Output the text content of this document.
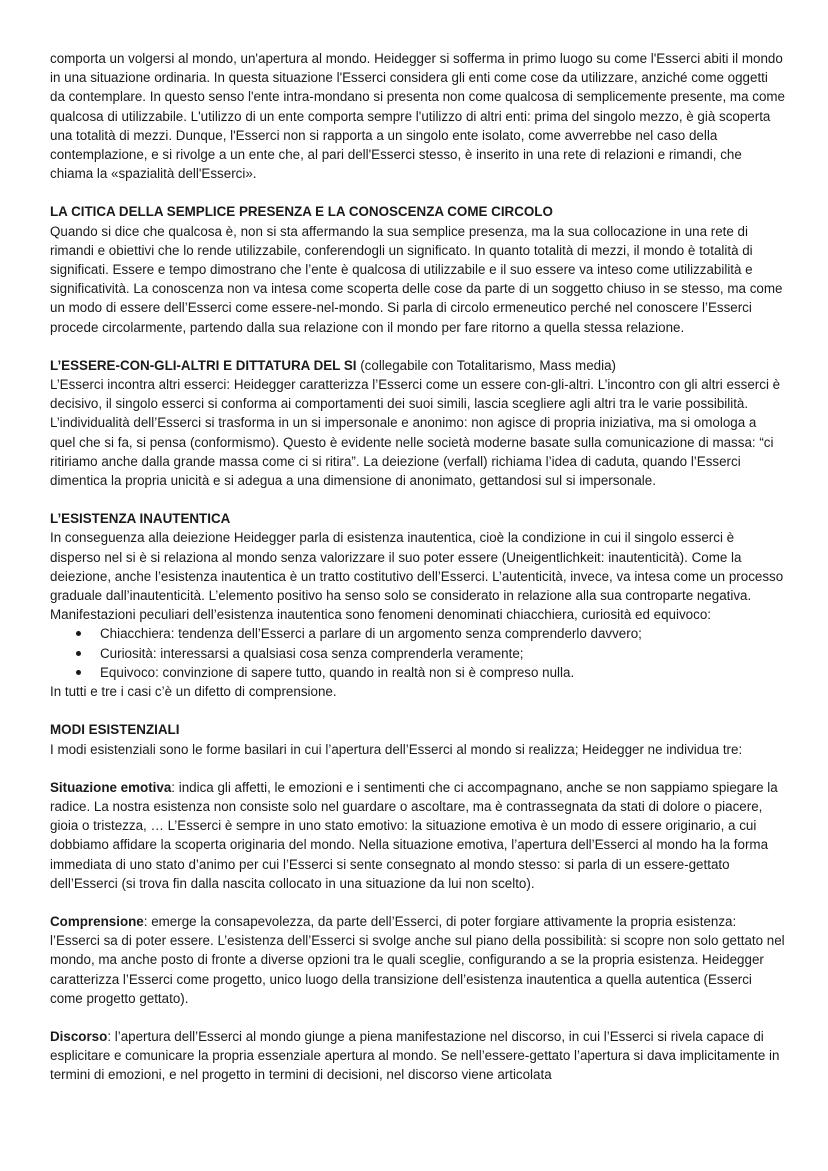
comporta un volgersi al mondo, un'apertura al mondo. Heidegger si sofferma in primo luogo su come l'Esserci abiti il mondo in una situazione ordinaria. In questa situazione l'Esserci considera gli enti come cose da utilizzare, anziché come oggetti da contemplare. In questo senso l'ente intra-mondano si presenta non come qualcosa di semplicemente presente, ma come qualcosa di utilizzabile. L'utilizzo di un ente comporta sempre l'utilizzo di altri enti: prima del singolo mezzo, è già scoperta una totalità di mezzi. Dunque, l'Esserci non si rapporta a un singolo ente isolato, come avverrebbe nel caso della contemplazione, e si rivolge a un ente che, al pari dell'Esserci stesso, è inserito in una rete di relazioni e rimandi, che chiama la «spazialità dell'Esserci».

LA CITICA DELLA SEMPLICE PRESENZA E LA CONOSCENZA COME CIRCOLO

Quando si dice che qualcosa è, non si sta affermando la sua semplice presenza, ma la sua collocazione in una rete di rimandi e obiettivi che lo rende utilizzabile, conferendogli un significato. In quanto totalità di mezzi, il mondo è totalità di significati. Essere e tempo dimostrano che l’ente è qualcosa di utilizzabile e il suo essere va inteso come utilizzabilità e significatività. La conoscenza non va intesa come scoperta delle cose da parte di un soggetto chiuso in se stesso, ma come un modo di essere dell’Esserci come essere-nel-mondo. Si parla di circolo ermeneutico perché nel conoscere l’Esserci procede circolarmente, partendo dalla sua relazione con il mondo per fare ritorno a quella stessa relazione.

L’ESSERE-CON-GLI-ALTRI E DITTATURA DEL SI (collegabile con Totalitarismo, Mass media)

L’Esserci incontra altri esserci: Heidegger caratterizza l’Esserci come un essere con-gli-altri. L’incontro con gli altri esserci è decisivo, il singolo esserci si conforma ai comportamenti dei suoi simili, lascia scegliere agli altri tra le varie possibilità. L’individualità dell’Esserci si trasforma in un si impersonale e anonimo: non agisce di propria iniziativa, ma si omologa a quel che si fa, si pensa (conformismo). Questo è evidente nelle società moderne basate sulla comunicazione di massa: “ci ritiriamo anche dalla grande massa come ci si ritira”. La deiezione (verfall) richiama l’idea di caduta, quando l’Esserci dimentica la propria unicità e si adegua a una dimensione di anonimato, gettandosi sul si impersonale.

L’ESISTENZA INAUTENTICA

In conseguenza alla deiezione Heidegger parla di esistenza inautentica, cioè la condizione in cui il singolo esserci è disperso nel si è si relaziona al mondo senza valorizzare il suo poter essere (Uneigentlichkeit: inautenticità). Come la deiezione, anche l’esistenza inautentica è un tratto costitutivo dell’Esserci. L’autenticità, invece, va intesa come un processo graduale dall’inautenticità. L’elemento positivo ha senso solo se considerato in relazione alla sua controparte negativa. Manifestazioni peculiari dell’esistenza inautentica sono fenomeni denominati chiacchiera, curiosità ed equivoco:

Chiacchiera: tendenza dell’Esserci a parlare di un argomento senza comprenderlo davvero;
Curiosità: interessarsi a qualsiasi cosa senza comprenderla veramente;
Equivoco: convinzione di sapere tutto, quando in realtà non si è compreso nulla.

In tutti e tre i casi c’è un difetto di comprensione.

MODI ESISTENZIALI

I modi esistenziali sono le forme basilari in cui l’apertura dell’Esserci al mondo si realizza; Heidegger ne individua tre:

Situazione emotiva: indica gli affetti, le emozioni e i sentimenti che ci accompagnano, anche se non sappiamo spiegare la radice. La nostra esistenza non consiste solo nel guardare o ascoltare, ma è contrassegnata da stati di dolore o piacere, gioia o tristezza, … L’Esserci è sempre in uno stato emotivo: la situazione emotiva è un modo di essere originario, a cui dobbiamo affidare la scoperta originaria del mondo. Nella situazione emotiva, l’apertura dell’Esserci al mondo ha la forma immediata di uno stato d’animo per cui l’Esserci si sente consegnato al mondo stesso: si parla di un essere-gettato dell’Esserci (si trova fin dalla nascita collocato in una situazione da lui non scelto).

Comprensione: emerge la consapevolezza, da parte dell’Esserci, di poter forgiare attivamente la propria esistenza: l’Esserci sa di poter essere. L’esistenza dell’Esserci si svolge anche sul piano della possibilità: si scopre non solo gettato nel mondo, ma anche posto di fronte a diverse opzioni tra le quali sceglie, configurando a se la propria esistenza. Heidegger caratterizza l’Esserci come progetto, unico luogo della transizione dell’esistenza inautentica a quella autentica (Esserci come progetto gettato).

Discorso: l’apertura dell’Esserci al mondo giunge a piena manifestazione nel discorso, in cui l’Esserci si rivela capace di esplicitare e comunicare la propria essenziale apertura al mondo. Se nell’essere-gettato l’apertura si dava implicitamente in termini di emozioni, e nel progetto in termini di decisioni, nel discorso viene articolata
